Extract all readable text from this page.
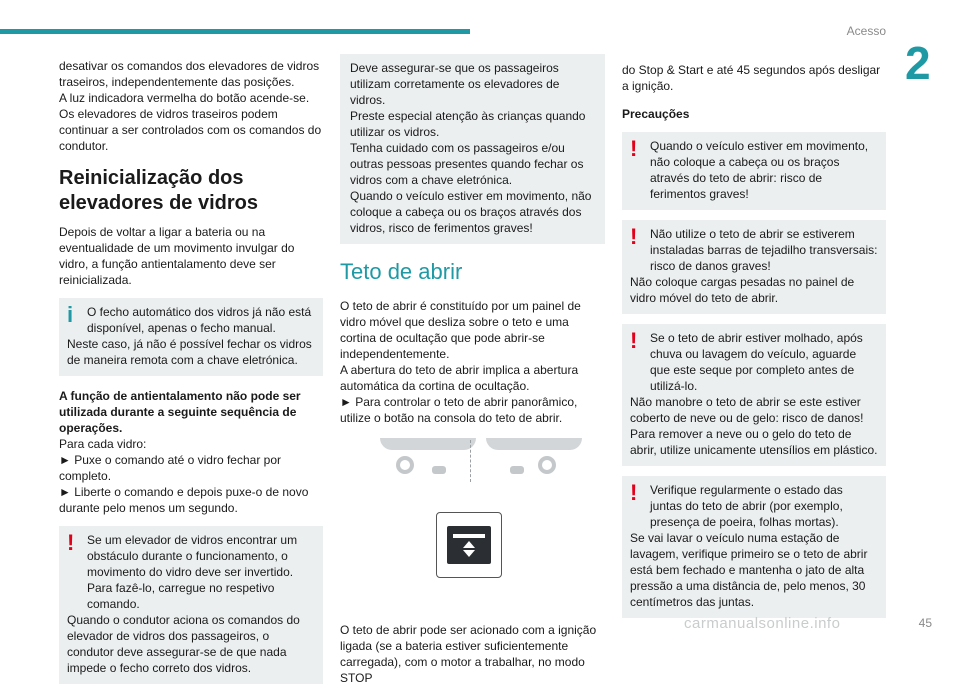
Acesso
2

desativar os comandos dos elevadores de vidros traseiros, independentemente das posições.

A luz indicadora vermelha do botão acende-se.

Os elevadores de vidros traseiros podem continuar a ser controlados com os comandos do condutor.

Reinicialização dos elevadores de vidros

Depois de voltar a ligar a bateria ou na eventualidade de um movimento invulgar do vidro, a função antientalamento deve ser reinicializada.

i	O fecho automático dos vidros já não está disponível, apenas o fecho manual.

Neste caso, já não é possível fechar os vidros de maneira remota com a chave eletrónica.

A função de antientalamento não pode ser utilizada durante a seguinte sequência de operações.

Para cada vidro:

► Puxe o comando até o vidro fechar por completo.

► Liberte o comando e depois puxe-o de novo durante pelo menos um segundo.

!	Se um elevador de vidros encontrar um obstáculo durante o funcionamento, o movimento do vidro deve ser invertido. Para fazê-lo, carregue no respetivo comando.

Quando o condutor aciona os comandos do elevador de vidros dos passageiros, o condutor deve assegurar-se de que nada impede o fecho correto dos vidros.

Deve assegurar-se que os passageiros utilizam corretamente os elevadores de vidros.

Preste especial atenção às crianças quando utilizar os vidros.

Tenha cuidado com os passageiros e/ou outras pessoas presentes quando fechar os vidros com a chave eletrónica.

Quando o veículo estiver em movimento, não coloque a cabeça ou os braços através dos vidros, risco de ferimentos graves!

Teto de abrir

O teto de abrir é constituído por um painel de vidro móvel que desliza sobre o teto e uma cortina de ocultação que pode abrir-se independentemente.

A abertura do teto de abrir implica a abertura automática da cortina de ocultação.

► Para controlar o teto de abrir panorâmico, utilize o botão na consola do teto de abrir.

O teto de abrir pode ser acionado com a ignição ligada (se a bateria estiver suficientemente carregada), com o motor a trabalhar, no modo STOP

do Stop & Start e até 45 segundos após desligar a ignição.

Precauções
!	Quando o veículo estiver em movimento, não coloque a cabeça ou os braços através do teto de abrir: risco de ferimentos graves!

!	Não utilize o teto de abrir se estiverem instaladas barras de tejadilho transversais: risco de danos graves!

Não coloque cargas pesadas no painel de vidro móvel do teto de abrir.

!	Se o teto de abrir estiver molhado, após chuva ou lavagem do veículo, aguarde que este seque por completo antes de utilizá-lo.

Não manobre o teto de abrir se este estiver coberto de neve ou de gelo: risco de danos!

Para remover a neve ou o gelo do teto de abrir, utilize unicamente utensílios em plástico.

!	Verifique regularmente o estado das juntas do teto de abrir (por exemplo, presença de poeira, folhas mortas).

Se vai lavar o veículo numa estação de lavagem, verifique primeiro se o teto de abrir está bem fechado e mantenha o jato de alta pressão a uma distância de, pelo menos, 30 centímetros das juntas.

carmanualsonline.info	45
